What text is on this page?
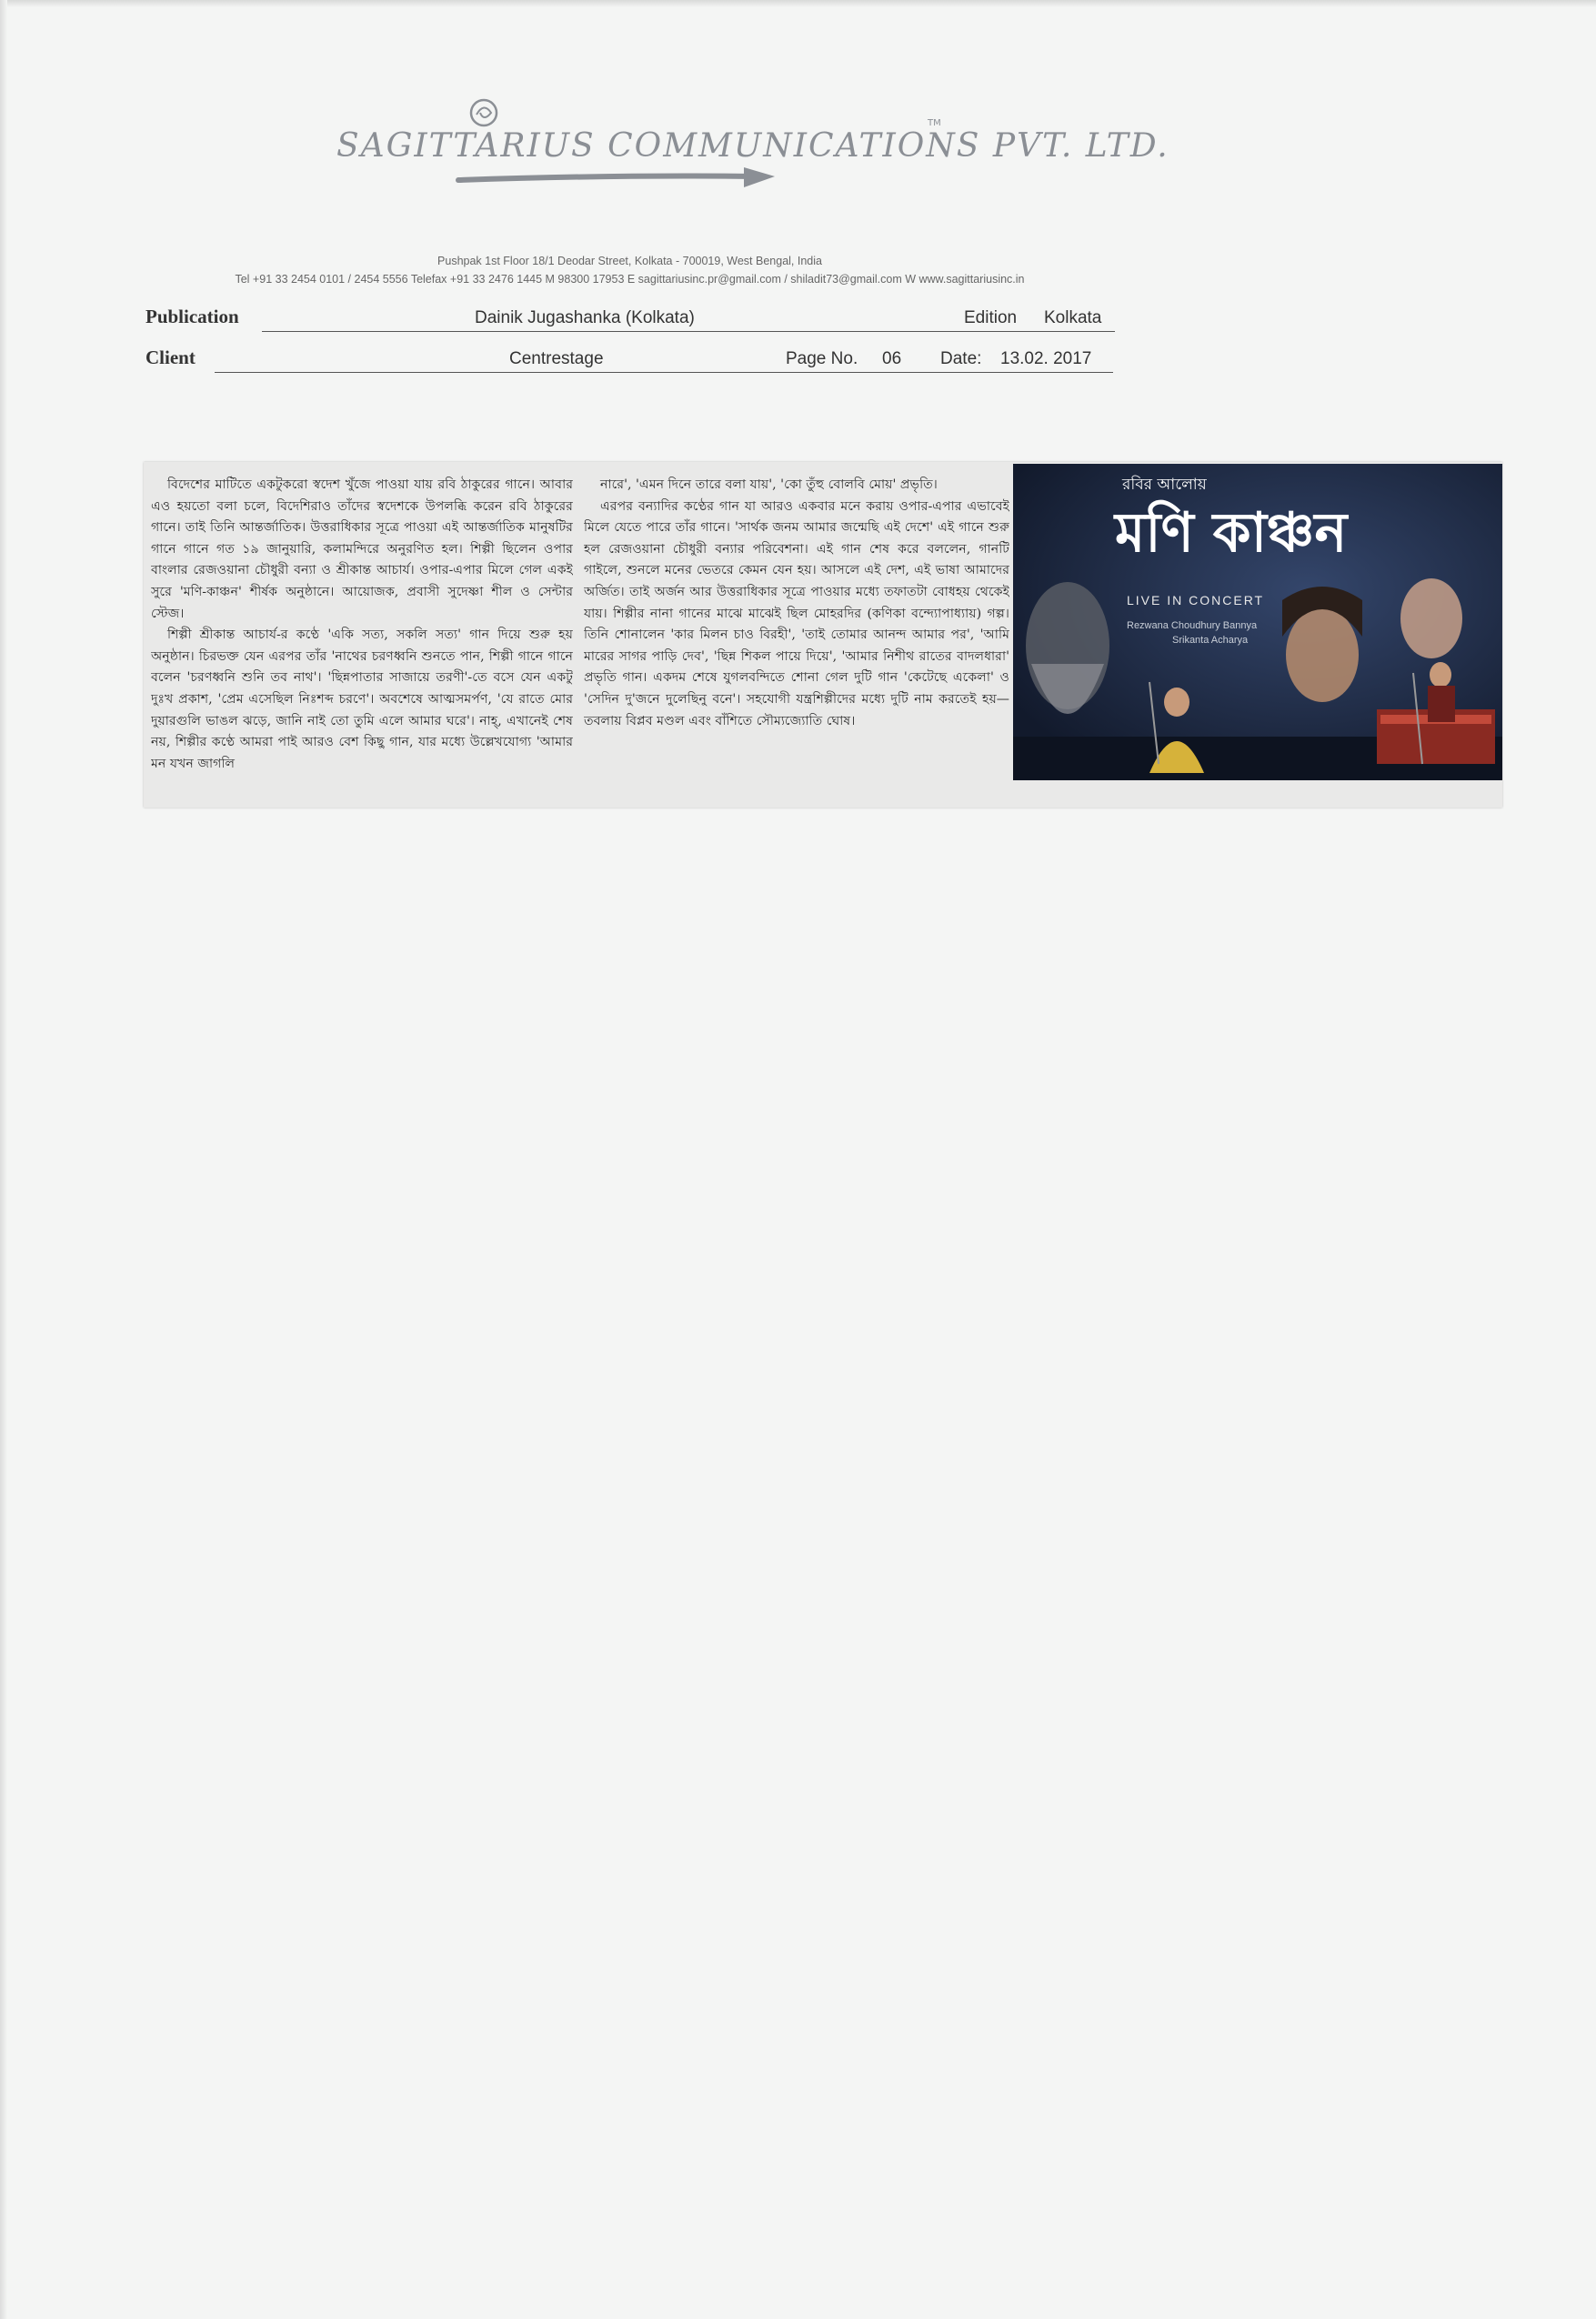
SAGITTARIUS COMMUNICATIONS PVT. LTD.
TM
Pushpak 1st Floor 18/1 Deodar Street, Kolkata - 700019, West Bengal, India
Tel +91 33 2454 0101 / 2454 5556 Telefax +91 33 2476 1445 M 98300 17953 E sagittariusinc.pr@gmail.com / shiladit73@gmail.com W www.sagittariusinc.in
Publication	Dainik Jugashanka (Kolkata)	Edition Kolkata
Client	Centrestage	Page No. 06 Date: 13.02. 2017

বিদেশের মাটিতে একটুকরো স্বদেশ খুঁজে পাওয়া যায় রবি ঠাকুরের গানে। আবার এও হয়তো বলা চলে, বিদেশিরাও তাঁদের স্বদেশকে উপলব্ধি করেন রবি ঠাকুরের গানে। তাই তিনি আন্তর্জাতিক। উত্তরাধিকার সূত্রে পাওয়া এই আন্তর্জাতিক মানুষটির গানে গানে গত ১৯ জানুয়ারি, কলামন্দিরে অনুরণিত হল। শিল্পী ছিলেন ওপার বাংলার রেজওয়ানা চৌধুরী বন্যা ও শ্রীকান্ত আচার্য। ওপার-এপার মিলে গেল একই সুরে 'মণি-কাঞ্চন' শীর্ষক অনুষ্ঠানে। আয়োজক, প্রবাসী সুদেষ্ণা শীল ও সেন্টার স্টেজ।

শিল্পী শ্রীকান্ত আচার্য-র কণ্ঠে 'একি সত্য, সকলি সত্য' গান দিয়ে শুরু হয় অনুষ্ঠান। চিরভক্ত যেন এরপর তাঁর 'নাথের চরণধ্বনি শুনতে পান, শিল্পী গানে গানে বলেন 'চরণধ্বনি শুনি তব নাথ'। 'ছিন্নপাতার সাজায়ে তরণী'-তে বসে যেন একটু দুঃখ প্রকাশ, 'প্রেম এসেছিল নিঃশব্দ চরণে'। অবশেষে আত্মসমর্পণ, 'যে রাতে মোর দুয়ারগুলি ভাঙল ঝড়ে, জানি নাই তো তুমি এলে আমার ঘরে'। নাহ্, এখানেই শেষ নয়, শিল্পীর কণ্ঠে আমরা পাই আরও বেশ কিছু গান, যার মধ্যে উল্লেখযোগ্য 'আমার মন যখন জাগলি

নারে', 'এমন দিনে তারে বলা যায়', 'কো তুঁহু বোলবি মোয়' প্রভৃতি।

এরপর বন্যাদির কণ্ঠের গান যা আরও একবার মনে করায় ওপার-এপার এভাবেই মিলে যেতে পারে তাঁর গানে। 'সার্থক জনম আমার জন্মেছি এই দেশে' এই গানে শুরু হল রেজওয়ানা চৌধুরী বন্যার পরিবেশনা। এই গান শেষ করে বললেন, গানটি গাইলে, শুনলে মনের ভেতরে কেমন যেন হয়। আসলে এই দেশ, এই ভাষা আমাদের অর্জিত। তাই অর্জন আর উত্তরাধিকার সূত্রে পাওয়ার মধ্যে তফাতটা বোধহয় থেকেই যায়। শিল্পীর নানা গানের মাঝে মাঝেই ছিল মোহরদির (কণিকা বন্দ্যোপাধ্যায়) গল্প। তিনি শোনালেন 'কার মিলন চাও বিরহী', 'তাই তোমার আনন্দ আমার পর', 'আমি মারের সাগর পাড়ি দেব', 'ছিন্ন শিকল পায়ে দিয়ে', 'আমার নিশীথ রাতের বাদলধারা' প্রভৃতি গান। একদম শেষে যুগলবন্দিতে শোনা গেল দুটি গান 'কেটেছে একেলা' ও 'সেদিন দু'জনে দুলেছিনু বনে'। সহযোগী যন্ত্রশিল্পীদের মধ্যে দুটি নাম করতেই হয়—তবলায় বিপ্লব মণ্ডল এবং বাঁশিতে সৌম্যজ্যোতি ঘোষ।

রবির আলোয়
মণি কাঞ্চন
LIVE IN CONCERT
Rezwana Choudhury Bannya
Srikanta Acharya
